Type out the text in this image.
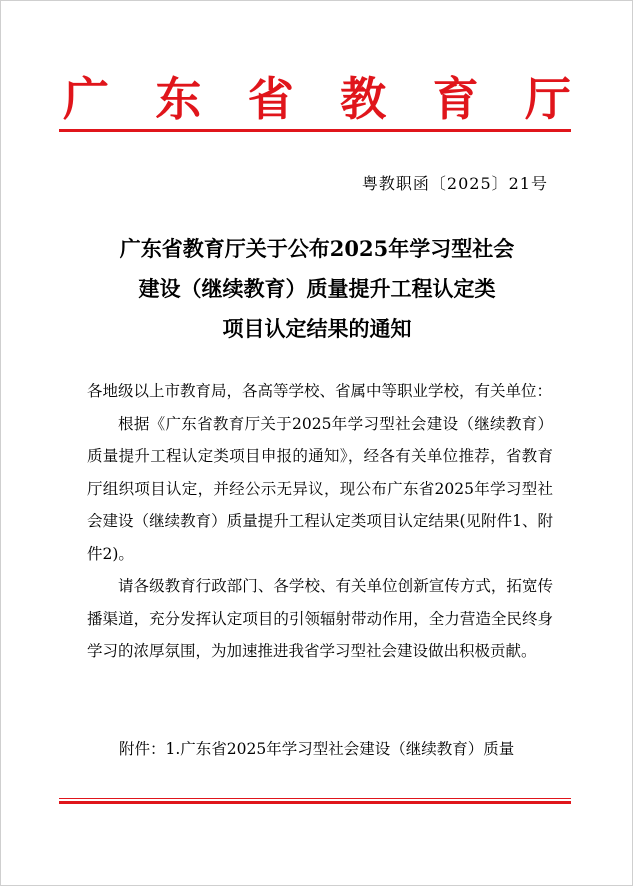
广 东 省 教 育 厅
粤教职函〔2025〕21号
广东省教育厅关于公布2025年学习型社会
建设（继续教育）质量提升工程认定类
项目认定结果的通知

各地级以上市教育局，各高等学校、省属中等职业学校，有关单位：

根据《广东省教育厅关于2025年学习型社会建设（继续教育）质量提升工程认定类项目申报的通知》，经各有关单位推荐，省教育厅组织项目认定，并经公示无异议，现公布广东省2025年学习型社会建设（继续教育）质量提升工程认定类项目认定结果(见附件1、附件2)。

请各级教育行政部门、各学校、有关单位创新宣传方式，拓宽传播渠道，充分发挥认定项目的引领辐射带动作用，全力营造全民终身学习的浓厚氛围，为加速推进我省学习型社会建设做出积极贡献。

附件：1.广东省2025年学习型社会建设（继续教育）质量
